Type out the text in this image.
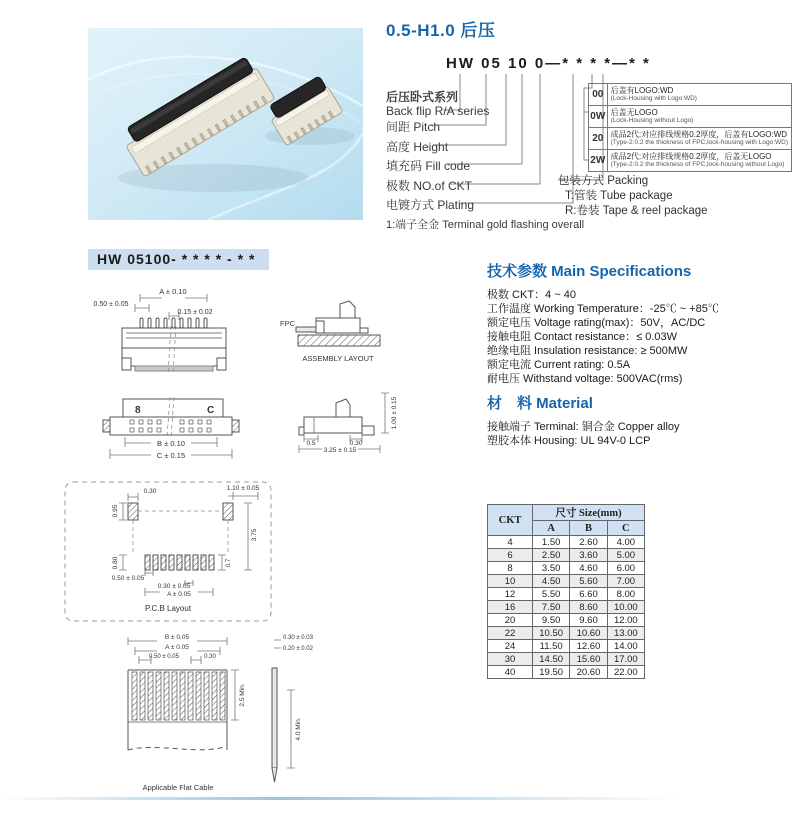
0.5-H1.0 后压
HW 05 10 0—* * * *—* *
后压卧式系列
Back flip R/A series
间距 Pitch
高度 Height
填充码 Fill code
极数 NO.of CKT
电镀方式 Plating
1:端子全金 Terminal gold flashing overall
00	后盖有LOGO:WD
(Lock-Housing with Logo:WD)

0W	后盖无LOGO
(Lock-Housing without Logo)

20	成品2代:对应排线规格0.2厚度，后盖有LOGO:WD
(Type-2:0.2 the thickness of FPC,lock-housing with Logo:WD)

2W	成品2代:对应排线规格0.2厚度，后盖无LOGO
(Type-2:0.2 the thickness of FPC,lock-housing without Logo)
包装方式 Packing
T:管装 Tube package
R:卷装 Tape & reel package
HW 05100- * * * * - * *
A ± 0.10
0.50 ± 0.05
0.15 ± 0.02
FPC
ASSEMBLY LAYOUT
8	C
B ± 0.10
C ± 0.15
1.00 ± 0.15
0.5	0.30
3.25 ± 0.15
0.30	1.10 ± 0.05
0.95
3.75
0.80	0.7
0.50 ± 0.05
0.30 ± 0.05
A ± 0.05
P.C.B Layout
B ± 0.05
A ± 0.05
0.50 ± 0.05	0.30
2.5 Min.
0.30 ± 0.03
0.20 ± 0.02
4.0 Min.
Applicable Flat Cable
技术参数 Main Specifications
极数 CKT：4 ~ 40
工作温度 Working Temperature：-25℃ ~ +85℃
额定电压 Voltage rating(max)：50V，AC/DC
接触电阻 Contact resistance：≤ 0.03W
绝缘电阻 Insulation resistance: ≥ 500MW
额定电流 Current rating: 0.5A
耐电压 Withstand voltage: 500VAC(rms)
材　料 Material
接触端子 Terminal: 铜合金 Copper alloy
塑胶本体 Housing: UL 94V-0 LCP
CKT	尺寸 Size(mm)		
	A	B	C
4	1.50	2.60	4.00
6	2.50	3.60	5.00
8	3.50	4.60	6.00
10	4.50	5.60	7.00
12	5.50	6.60	8.00
16	7.50	8.60	10.00
20	9.50	9.60	12.00
22	10.50	10.60	13.00
24	11.50	12.60	14.00
30	14.50	15.60	17.00
40	19.50	20.60	22.00
